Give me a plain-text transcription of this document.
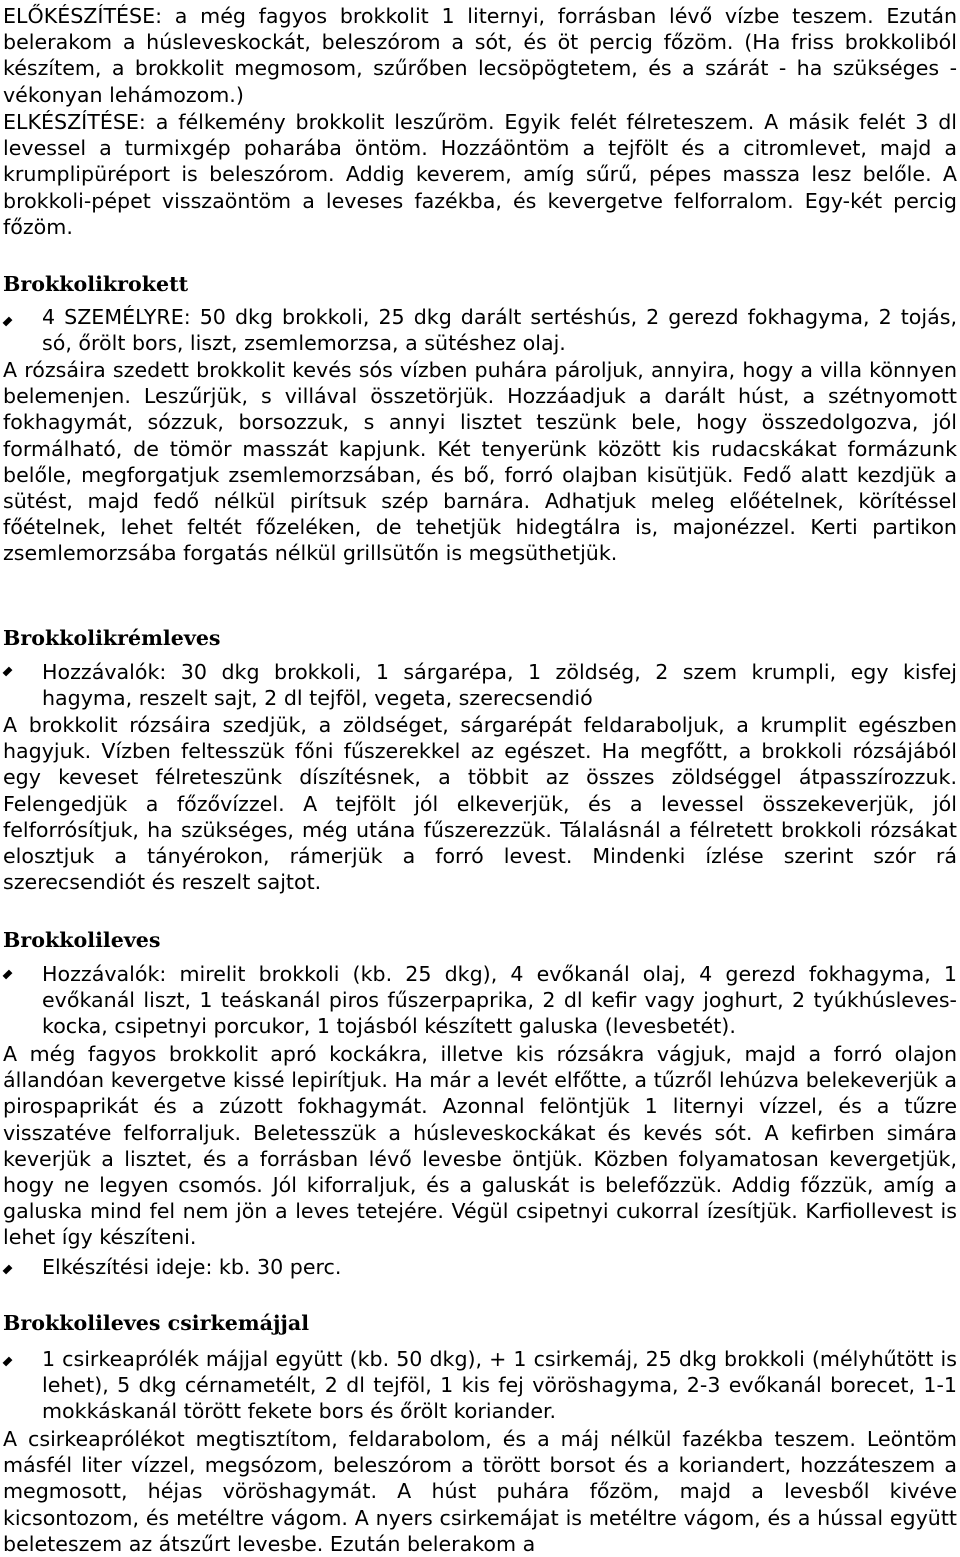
ELŐKÉSZÍTÉSE: a még fagyos brokkolit 1 liternyi, forrásban lévő vízbe teszem. Ezután belerakom a húsleveskockát, beleszórom a sót, és öt percig főzöm. (Ha friss brokkoliból készítem, a brokkolit megmosom, szűrőben lecsöpögtetem, és a szárát - ha szükséges - vékonyan lehámozom.)

ELKÉSZÍTÉSE: a félkemény brokkolit leszűröm. Egyik felét félreteszem. A másik felét 3 dl levessel a turmixgép poharába öntöm. Hozzáöntöm a tejfölt és a citromlevet, majd a krumplipüréport is beleszórom. Addig keverem, amíg sűrű, pépes massza lesz belőle. A brokkoli-pépet visszaöntöm a leveses fazékba, és kevergetve felforralom. Egy-két percig főzöm.

Brokkolikrokett

4 SZEMÉLYRE: 50 dkg brokkoli, 25 dkg darált sertéshús, 2 gerezd fokhagyma, 2 tojás, só, őrölt bors, liszt, zsemlemorzsa, a sütéshez olaj.

A rózsáira szedett brokkolit kevés sós vízben puhára pároljuk, annyira, hogy a villa könnyen belemenjen. Leszűrjük, s villával összetörjük. Hozzáadjuk a darált húst, a szétnyomott fokhagymát, sózzuk, borsozzuk, s annyi lisztet teszünk bele, hogy összedolgozva, jól formálható, de tömör masszát kapjunk. Két tenyerünk között kis rudacskákat formázunk belőle, megforgatjuk zsemlemorzsában, és bő, forró olajban kisütjük. Fedő alatt kezdjük a sütést, majd fedő nélkül pirítsuk szép barnára. Adhatjuk meleg előételnek, körítéssel főételnek, lehet feltét főzeléken, de tehetjük hidegtálra is, majonézzel. Kerti partikon zsemlemorzsába forgatás nélkül grillsütőn is megsüthetjük.

Brokkolikrémleves

Hozzávalók: 30 dkg brokkoli, 1 sárgarépa, 1 zöldség, 2 szem krumpli, egy kisfej hagyma, reszelt sajt, 2 dl tejföl, vegeta, szerecsendió

A brokkolit rózsáira szedjük, a zöldséget, sárgarépát feldaraboljuk, a krumplit egészben hagyjuk. Vízben feltesszük főni fűszerekkel az egészet. Ha megfőtt, a brokkoli rózsájából egy keveset félreteszünk díszítésnek, a többit az összes zöldséggel átpasszírozzuk. Felengedjük a főzővízzel. A tejfölt jól elkeverjük, és a levessel összekeverjük, jól felforrósítjuk, ha szükséges, még utána fűszerezzük. Tálalásnál a félretett brokkoli rózsákat elosztjuk a tányérokon, rámerjük a forró levest. Mindenki ízlése szerint szór rá szerecsendiót és reszelt sajtot.

Brokkolileves

Hozzávalók: mirelit brokkoli (kb. 25 dkg), 4 evőkanál olaj, 4 gerezd fokhagyma, 1 evőkanál liszt, 1 teáskanál piros fűszerpaprika, 2 dl kefir vagy joghurt, 2 tyúkhúsleves-kocka, csipetnyi porcukor, 1 tojásból készített galuska (levesbetét).

A még fagyos brokkolit apró kockákra, illetve kis rózsákra vágjuk, majd a forró olajon állandóan kevergetve kissé lepirítjuk. Ha már a levét elfőtte, a tűzről lehúzva belekeverjük a pirospaprikát és a zúzott fokhagymát. Azonnal felöntjük 1 liternyi vízzel, és a tűzre visszatéve felforraljuk. Beletesszük a húsleveskockákat és kevés sót. A kefirben simára keverjük a lisztet, és a forrásban lévő levesbe öntjük. Közben folyamatosan kevergetjük, hogy ne legyen csomós. Jól kiforraljuk, és a galuskát is belefőzzük. Addig főzzük, amíg a galuska mind fel nem jön a leves tetejére. Végül csipetnyi cukorral ízesítjük. Karfiollevest is lehet így készíteni.

Elkészítési ideje: kb. 30 perc.

Brokkolileves csirkemájjal

1 csirkeaprólék májjal együtt (kb. 50 dkg), + 1 csirkemáj, 25 dkg brokkoli (mélyhűtött is lehet), 5 dkg cérnametélt, 2 dl tejföl, 1 kis fej vöröshagyma, 2-3 evőkanál borecet, 1-1 mokkáskanál törött fekete bors és őrölt koriander.

A csirkeaprólékot megtisztítom, feldarabolom, és a máj nélkül fazékba teszem. Leöntöm másfél liter vízzel, megsózom, beleszórom a törött borsot és a koriandert, hozzáteszem a megmosott, héjas vöröshagymát. A húst puhára főzöm, majd a levesből kivéve kicsontozom, és metéltre vágom. A nyers csirkemájat is metéltre vágom, és a hússal együtt beleteszem az átszűrt levesbe. Ezután belerakom a
